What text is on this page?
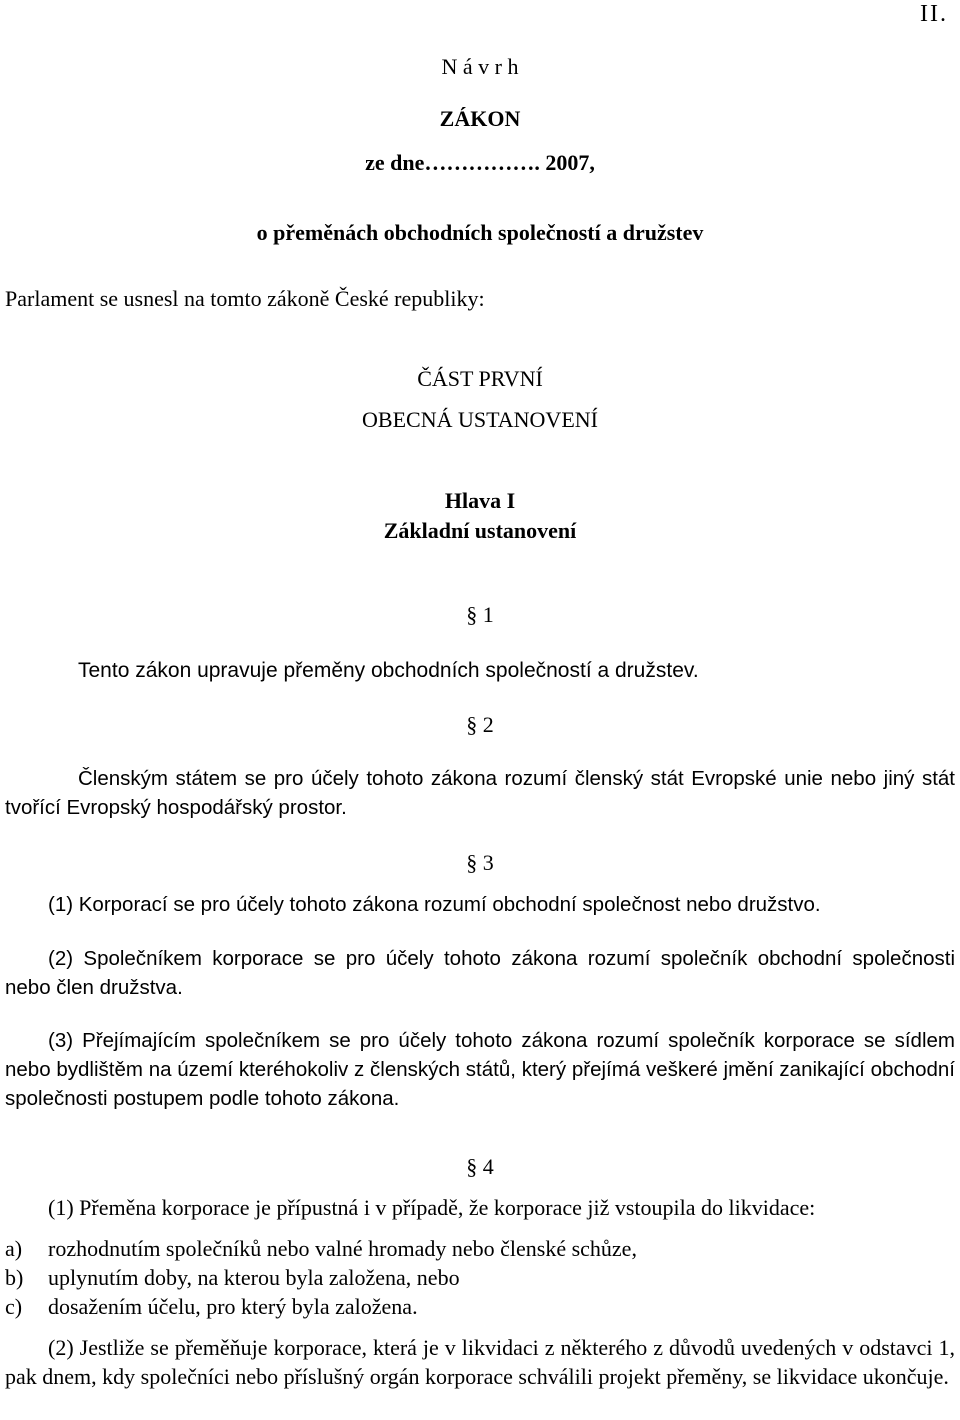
II.
N á v r h
ZÁKON
ze dne……………. 2007,
o přeměnách obchodních společností a družstev
Parlament se usnesl na tomto zákoně České republiky:
ČÁST PRVNÍ
OBECNÁ USTANOVENÍ
Hlava I
Základní ustanovení
§ 1
Tento zákon upravuje přeměny obchodních společností a družstev.
§ 2
Členským státem se pro účely tohoto zákona rozumí členský stát Evropské unie nebo jiný stát tvořící Evropský hospodářský prostor.
§ 3
(1) Korporací se pro účely tohoto zákona rozumí obchodní společnost nebo družstvo.
(2) Společníkem korporace se pro účely tohoto zákona rozumí společník obchodní společnosti nebo člen družstva.
(3) Přejímajícím společníkem se pro účely tohoto zákona rozumí společník korporace se sídlem nebo bydlištěm na území kteréhokoliv z členských států, který přejímá veškeré jmění zanikající obchodní společnosti postupem podle tohoto zákona.
§ 4
(1) Přeměna korporace je přípustná i v případě, že korporace již vstoupila do likvidace:
a) rozhodnutím společníků nebo valné hromady nebo členské schůze,
b) uplynutím doby, na kterou byla založena, nebo
c) dosažením účelu, pro který byla založena.
(2) Jestliže se přeměňuje korporace, která je v likvidaci z některého z důvodů uvedených v odstavci 1, pak dnem, kdy společníci nebo příslušný orgán korporace schválili projekt přeměny, se likvidace ukončuje.
